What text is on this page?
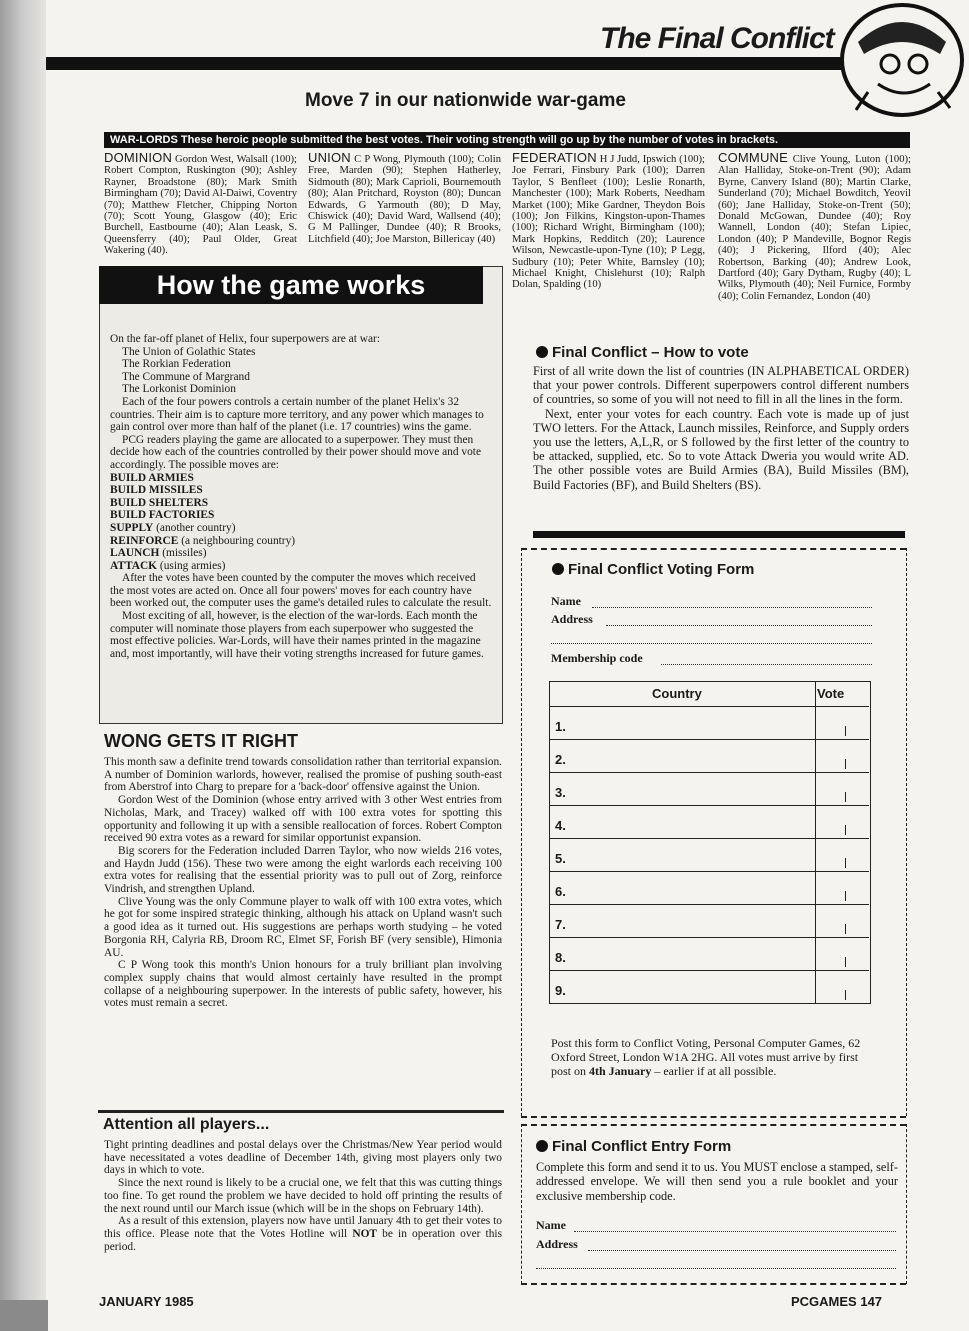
The Final Conflict
Move 7 in our nationwide war-game
WAR-LORDS These heroic people submitted the best votes. Their voting strength will go up by the number of votes in brackets.
DOMINION Gordon West, Walsall (100); Robert Compton, Ruskington (90); Ashley Rayner, Broadstone (80); Mark Smith Birmingham (70); David Al-Daiwi, Coventry (70); Matthew Fletcher, Chipping Norton (70); Scott Young, Glasgow (40); Eric Burchell, Eastbourne (40); Alan Leask, S. Queensferry (40); Paul Older, Great Wakering (40).
UNION C P Wong, Plymouth (100); Colin Free, Marden (90); Stephen Hatherley, Sidmouth (80); Mark Caprioli, Bournemouth (80); Alan Pritchard, Royston (80); Duncan Edwards, G Yarmouth (80); D May, Chiswick (40); David Ward, Wallsend (40); G M Pallinger, Dundee (40); R Brooks, Litchfield (40); Joe Marston, Billericay (40)
FEDERATION H J Judd, Ipswich (100); Joe Ferrari, Finsbury Park (100); Darren Taylor, S Benfleet (100); Leslie Ronarth, Manchester (100); Mark Roberts, Needham Market (100); Mike Gardner, Theydon Bois (100); Jon Filkins, Kingston-upon-Thames (100); Richard Wright, Birmingham (100); Mark Hopkins, Redditch (20); Laurence Wilson, Newcastle-upon-Tyne (10); P Legg, Sudbury (10); Peter White, Barnsley (10); Michael Knight, Chislehurst (10); Ralph Dolan, Spalding (10)
COMMUNE Clive Young, Luton (100); Alan Halliday, Stoke-on-Trent (90); Adam Byrne, Canvery Island (80); Martin Clarke, Sunderland (70); Michael Bowditch, Yeovil (60); Jane Halliday, Stoke-on-Trent (50); Donald McGowan, Dundee (40); Roy Wannell, London (40); Stefan Lipiec, London (40); P Mandeville, Bognor Regis (40); J Pickering, Ilford (40); Alec Robertson, Barking (40); Andrew Look, Dartford (40); Gary Dytham, Rugby (40); L Wilks, Plymouth (40); Neil Furnice, Formby (40); Colin Fernandez, London (40)
How the game works

On the far-off planet of Helix, four superpowers are at war:

The Union of Golathic States

The Rorkian Federation

The Commune of Margrand

The Lorkonist Dominion

Each of the four powers controls a certain number of the planet Helix's 32 countries. Their aim is to capture more territory, and any power which manages to gain control over more than half of the planet (i.e. 17 countries) wins the game.

PCG readers playing the game are allocated to a superpower. They must then decide how each of the countries controlled by their power should move and vote accordingly. The possible moves are:

BUILD ARMIES

BUILD MISSILES

BUILD SHELTERS

BUILD FACTORIES

SUPPLY (another country)

REINFORCE (a neighbouring country)

LAUNCH (missiles)

ATTACK (using armies)

After the votes have been counted by the computer the moves which received the most votes are acted on. Once all four powers' moves for each country have been worked out, the computer uses the game's detailed rules to calculate the result.

Most exciting of all, however, is the election of the war-lords. Each month the computer will nominate those players from each superpower who suggested the most effective policies. War-Lords, will have their names printed in the magazine and, most importantly, will have their voting strengths increased for future games.

WONG GETS IT RIGHT

This month saw a definite trend towards consolidation rather than territorial expansion. A number of Dominion warlords, however, realised the promise of pushing south-east from Aberstrof into Charg to prepare for a 'back-door' offensive against the Union.

Gordon West of the Dominion (whose entry arrived with 3 other West entries from Nicholas, Mark, and Tracey) walked off with 100 extra votes for spotting this opportunity and following it up with a sensible reallocation of forces. Robert Compton received 90 extra votes as a reward for similar opportunist expansion.

Big scorers for the Federation included Darren Taylor, who now wields 216 votes, and Haydn Judd (156). These two were among the eight warlords each receiving 100 extra votes for realising that the essential priority was to pull out of Zorg, reinforce Vindrish, and strengthen Upland.

Clive Young was the only Commune player to walk off with 100 extra votes, which he got for some inspired strategic thinking, although his attack on Upland wasn't such a good idea as it turned out. His suggestions are perhaps worth studying – he voted Borgonia RH, Calyria RB, Droom RC, Elmet SF, Forish BF (very sensible), Himonia AU.

C P Wong took this month's Union honours for a truly brilliant plan involving complex supply chains that would almost certainly have resulted in the prompt collapse of a neighbouring superpower. In the interests of public safety, however, his votes must remain a secret.

Attention all players...

Tight printing deadlines and postal delays over the Christmas/New Year period would have necessitated a votes deadline of December 14th, giving most players only two days in which to vote.

Since the next round is likely to be a crucial one, we felt that this was cutting things too fine. To get round the problem we have decided to hold off printing the results of the next round until our March issue (which will be in the shops on February 14th).

As a result of this extension, players now have until January 4th to get their votes to this office. Please note that the Votes Hotline will NOT be in operation over this period.

Final Conflict – How to vote

First of all write down the list of countries (IN ALPHABETICAL ORDER) that your power controls. Different superpowers control different numbers of countries, so some of you will not need to fill in all the lines in the form.

Next, enter your votes for each country. Each vote is made up of just TWO letters. For the Attack, Launch missiles, Reinforce, and Supply orders you use the letters, A,L,R, or S followed by the first letter of the country to be attacked, supplied, etc. So to vote Attack Dweria you would write AD. The other possible votes are Build Armies (BA), Build Missiles (BM), Build Factories (BF), and Build Shelters (BS).

Final Conflict Voting Form
Name
Address
Membership code
Country	Vote
1.
2.
3.
4.
5.
6.
7.
8.
9.
Post this form to Conflict Voting, Personal Computer Games, 62 Oxford Street, London W1A 2HG. All votes must arrive by first post on 4th January – earlier if at all possible.
Final Conflict Entry Form
Complete this form and send it to us. You MUST enclose a stamped, self-addressed envelope. We will then send you a rule booklet and your exclusive membership code.
Name
Address
JANUARY 1985	PCGAMES 147
